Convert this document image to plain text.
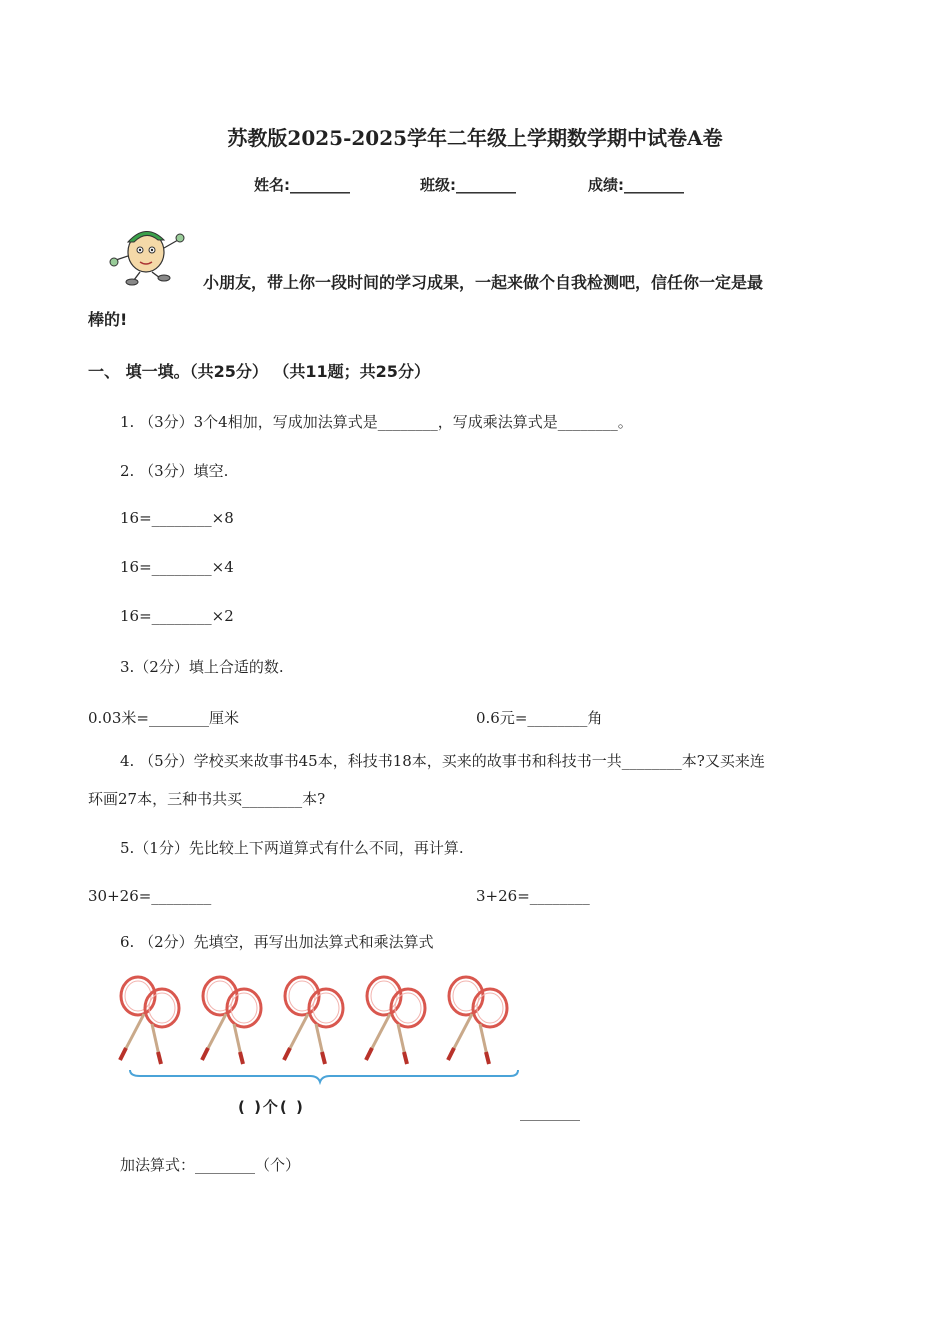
苏教版2025-2025学年二年级上学期数学期中试卷A卷
姓名:________	班级:________	成绩:________
小朋友，带上你一段时间的学习成果，一起来做个自我检测吧，信任你一定是最
棒的!
一、 填一填。（共25分） （共11题；共25分）
1. （3分）3个4相加，写成加法算式是________，写成乘法算式是________。
2. （3分）填空.
16=________×8
16=________×4
16=________×2
3.（2分）填上合适的数.
0.03米=________厘米	0.6元=________角
4. （5分）学校买来故事书45本，科技书18本，买来的故事书和科技书一共________本?又买来连
环画27本，三种书共买________本?
5.（1分）先比较上下两道算式有什么不同，再计算.
30+26=________	3+26=________
6. （2分）先填空，再写出加法算式和乘法算式
( )个( )	________
加法算式：________（个）
